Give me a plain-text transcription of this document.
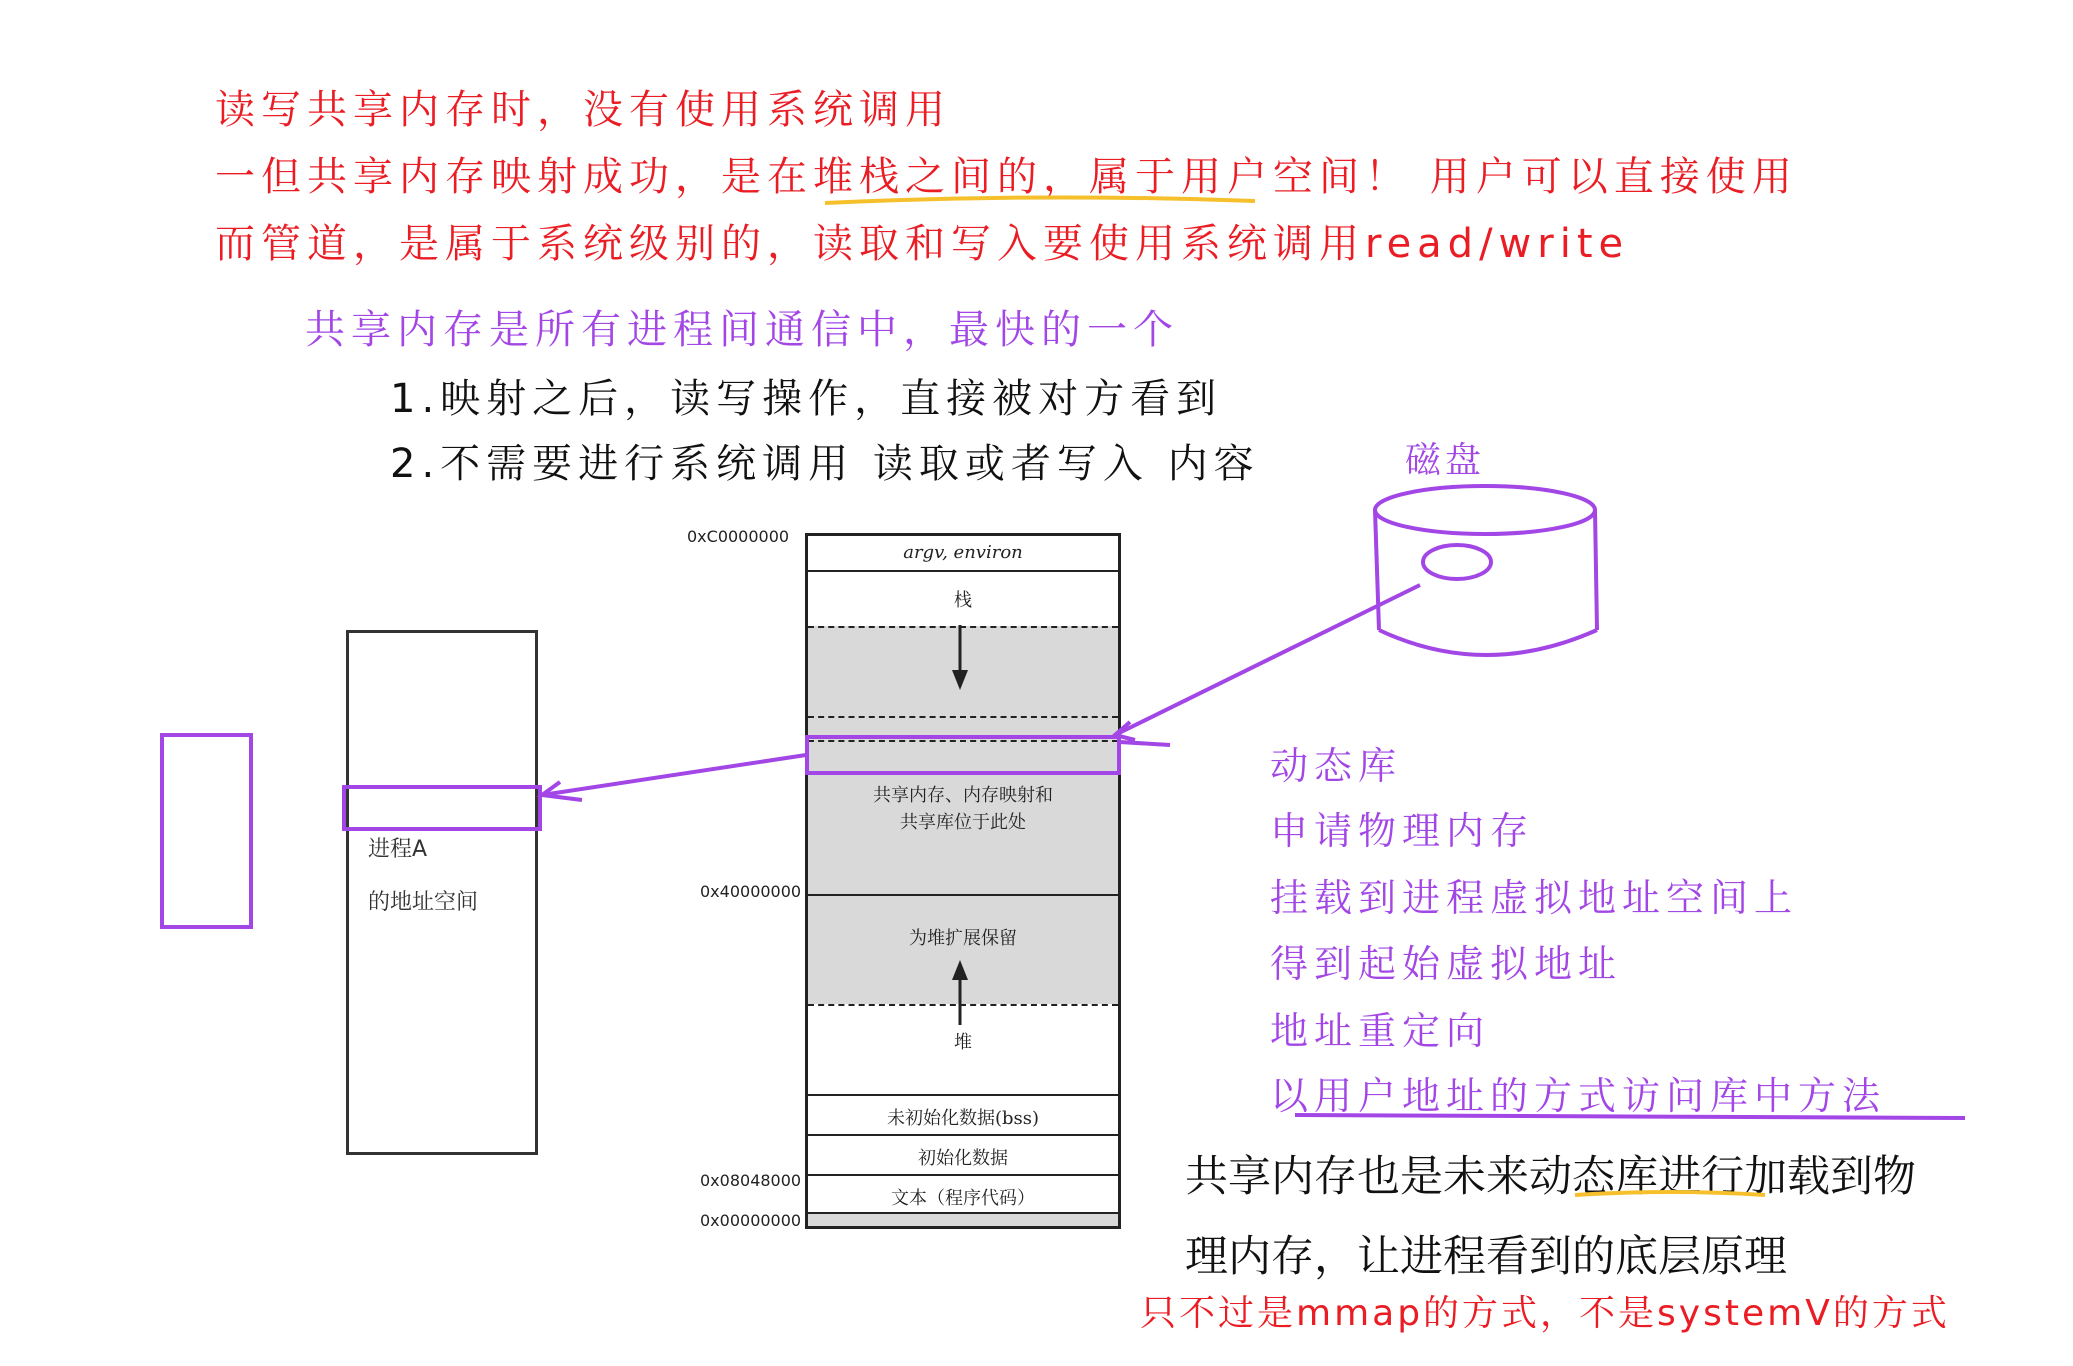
读写共享内存时，没有使用系统调用
一但共享内存映射成功，是在堆栈之间的，属于用户空间！ 用户可以直接使用
而管道，是属于系统级别的，读取和写入要使用系统调用read/write
共享内存是所有进程间通信中，最快的一个
1.映射之后，读写操作，直接被对方看到
2.不需要进行系统调用 读取或者写入 内容	磁盘
进程A
的地址空间
0xC0000000
0x40000000
0x08048000
0x00000000
argv, environ
栈
共享内存、内存映射和
共享库位于此处
为堆扩展保留
堆
未初始化数据(bss)
初始化数据
文本（程序代码）
动态库
申请物理内存
挂载到进程虚拟地址空间上
得到起始虚拟地址
地址重定向
以用户地址的方式访问库中方法
共享内存也是未来动态库进行加载到物
理内存，让进程看到的底层原理
只不过是mmap的方式，不是systemV的方式
